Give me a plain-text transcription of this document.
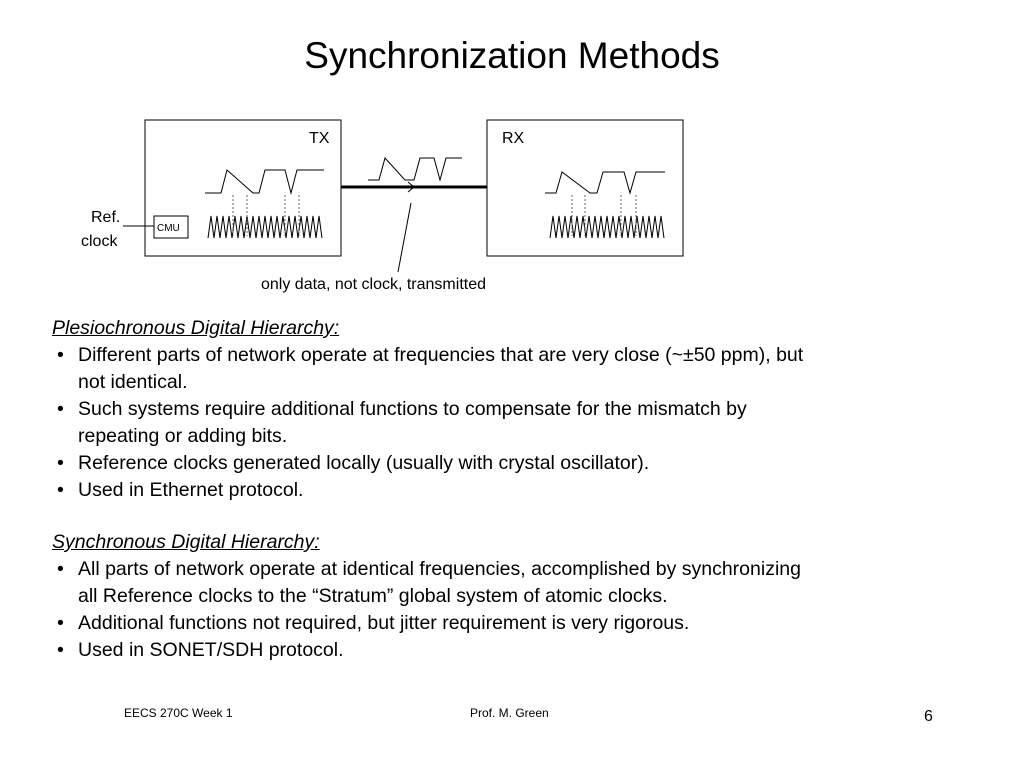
Synchronization Methods
TX
CMU
Ref.
clock
only data, not clock, transmitted
RX
Plesiochronous Digital Hierarchy:
• Different parts of network operate at frequencies that are very close (~±50 ppm), but
not identical.
• Such systems require additional functions to compensate for the mismatch by
repeating or adding bits.
• Reference clocks generated locally (usually with crystal oscillator).
• Used in Ethernet protocol.
Synchronous Digital Hierarchy:
• All parts of network operate at identical frequencies, accomplished by synchronizing
all Reference clocks to the “Stratum” global system of atomic clocks.
• Additional functions not required, but jitter requirement is very rigorous.
• Used in SONET/SDH protocol.
EECS 270C Week 1	Prof. M. Green	6
